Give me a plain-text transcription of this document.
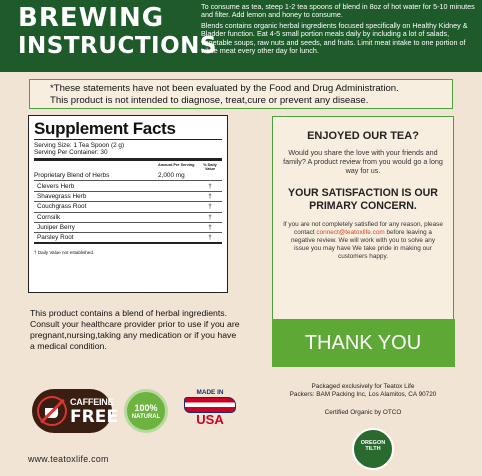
BREWING
INSTRUCTIONS

To consume as tea, steep 1-2 tea spoons of blend in 8oz of hot water for 5-10 minutes and filter. Add lemon and honey to consume.

Blends contains organic herbal ingredients focused specifically on Healthy Kidney & Bladder function. Eat 4-5 small portion meals daily by including a lot of salads, vegetable soups, raw nuts and seeds, and fruits. Limit meat intake to one portion of white meat every other day for lunch.

*These statements have not been evaluated by the Food and Drug Administration.
This product is not intended to diagnose, treat,cure or prevent any disease.
Supplement Facts
Serving Size: 1 Tea Spoon (2 g)
Serving Per Container: 30
Amount Per Serving	% Daily Value
Proprietary Blend of Herbs	2,000 mg
Clevers Herb	†
Shavegrass Herb	†
Couchgrass Root	†
Cornsilk	†
Juniper Berry	†
Parsley Root	†
† Daily Value not established.
This product contains a blend of herbal ingredients. Consult your healthcare provider prior to use if you are pregnant,nursing,taking any medication or if you have a medical condition.
ENJOYED OUR TEA?
Would you share the love with your friends and family? A product review from you would go a long way for us.
YOUR SATISFACTION IS OUR PRIMARY CONCERN.
If you are not completely satisfied for any reason, please contact connect@teatoxlife.com before leaving a negative review. We will work with you to solve any issue you may have We take pride in making our customers happy.
THANK YOU
Packaged exclusively for Teatox Life
Packers: BAM Packing Inc, Los Alamitos, CA 90720
Certified Organic by OTCO
CAFFEINE
FREE	100%
NATURAL
MADE IN
USA
www.teatoxlife.com
OREGON
TILTH
